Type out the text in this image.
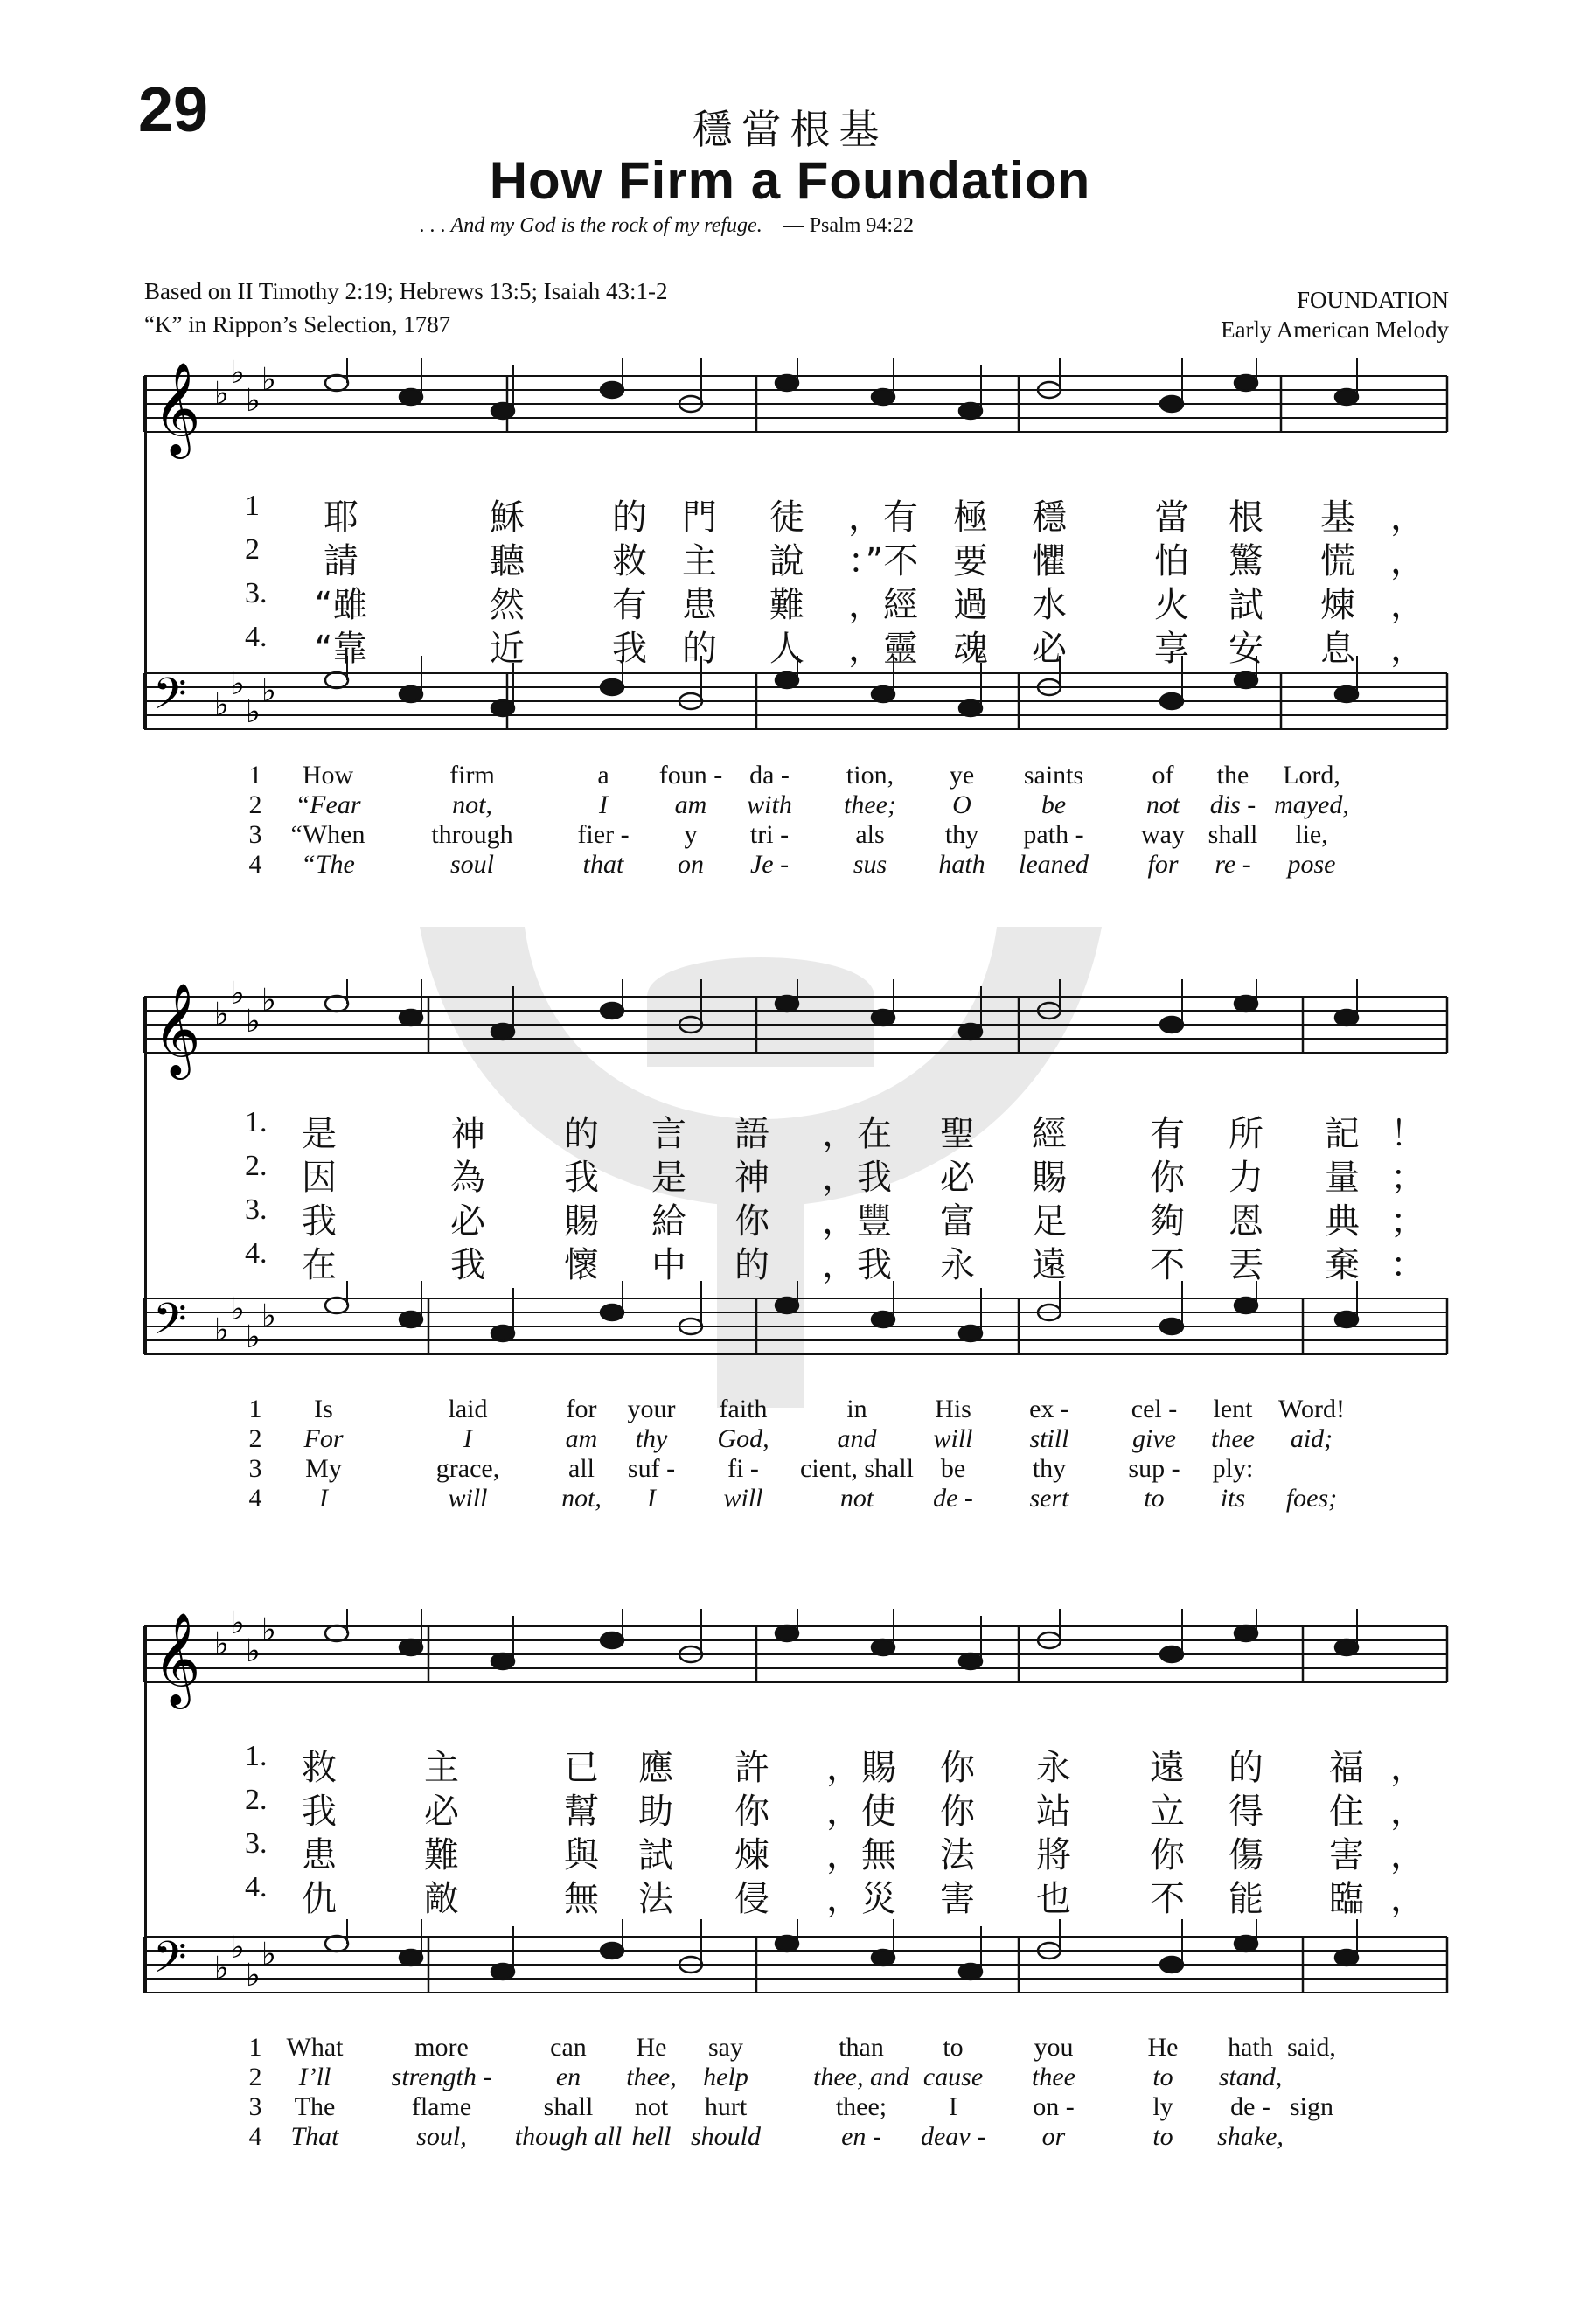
29	穩當根基
How Firm a Foundation
. . . And my God is the rock of my refuge. — Psalm 94:22
Based on II Timothy 2:19; Hebrews 13:5; Isaiah 43:1-2
“K” in Rippon’s Selection, 1787
FOUNDATION
Early American Melody
𝄞 ♭
♭
♭
♭
𝄢 ♭
♭
♭
♭
1 耶	穌	的 門 徒 ，有 極 穩	當 根 基 ，
2 請	聽	救 主 說 ：”不 要 懼	怕 驚 慌 ，
3. “雖	然	有 患 難 ，經 過 水	火 試 煉 ，
4. “靠	近	我 的 人 ，靈 魂 必	享 安 息 ，
1 How	firm	a foun - da - tion, ye saints	of the Lord,
2 “Fear	not,	I	am with thee; O	be	not dis - mayed,
3 “When	through fier - y tri -	als thy path - way shall lie,
4 “The	soul	that on Je - sus hath leaned for re - pose
𝄞 ♭
♭
♭
♭
𝄢 ♭
♭
♭
♭
1. 是	神 的 言 語 ，在 聖 經 有 所 記 ！
2. 因	為 我 是 神 ，我 必 賜 你 力 量 ；
3. 我	必 賜 給 你 ，豐 富 足 夠 恩 典 ；
4. 在	我 懷 中 的 ，我 永 遠 不 丟 棄 ：
1 Is	laid	for your faith	in	His ex - cel - lent Word!
2 For	I	am thy God,	and will still give thee aid;
3 My	grace,	all suf - fi - cient, shall be	thy sup - ply:
4 I	will	not, I	will	not de - sert	to its foes;
𝄞 ♭
♭
♭
♭
𝄢 ♭
♭
♭
♭
1. 救	主	已 應 許 ，賜 你 永 遠 的 福 ，
2. 我	必	幫 助 你 ，使 你 站 立 得 住 ，
3. 患	難	與 試 煉 ，無 法 將 你 傷 害 ，
4. 仇	敵	無 法 侵 ，災 害 也 不 能 臨 ，
1 What	more	can He say	than to	you	He hath said,
2 I’ll strength - en thee, help thee, and cause thee	to stand,
3 The	flame	shall not hurt	thee; I	on -	ly de - sign
4 That	soul, though all hell should	en - deav - or	to shake,
